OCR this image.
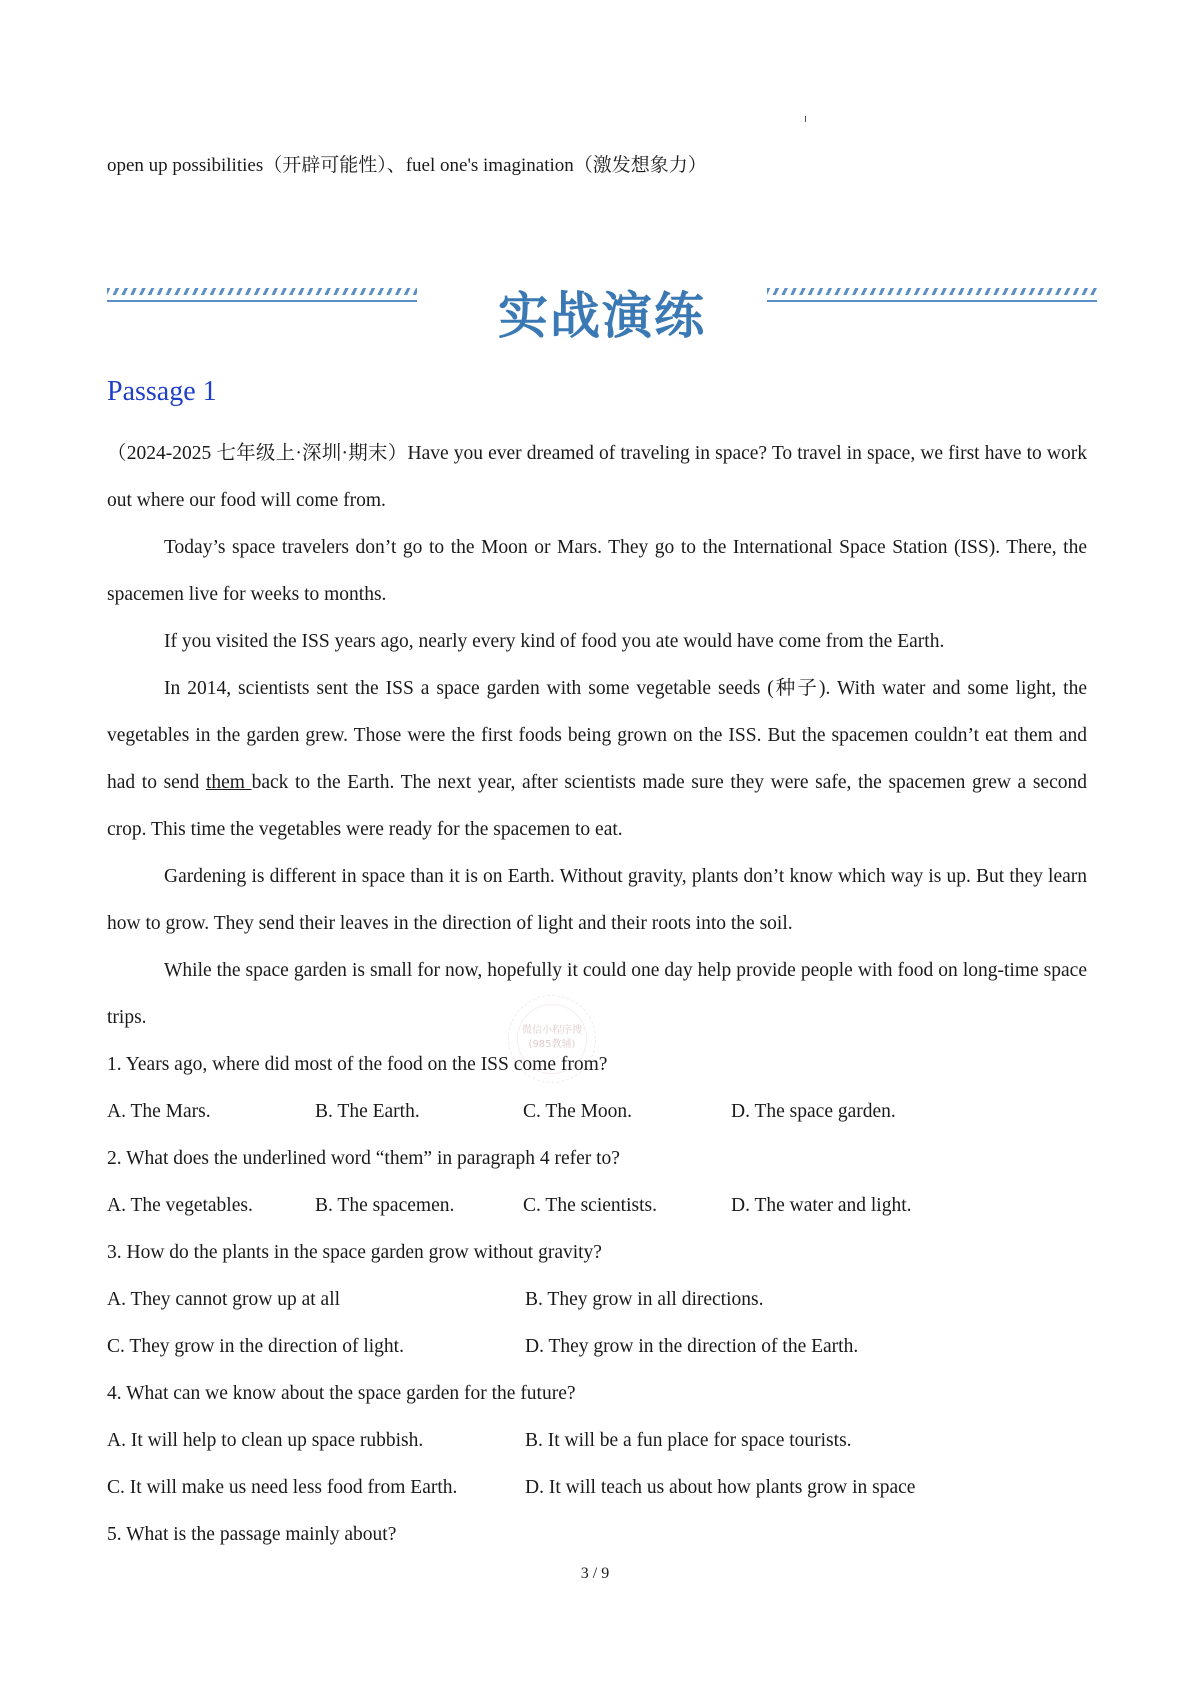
open up possibilities（开辟可能性）、fuel one's imagination（激发想象力）
实战演练
Passage 1

（2024-2025 七年级上·深圳·期末）Have you ever dreamed of traveling in space? To travel in space, we first have to work out where our food will come from.

Today’s space travelers don’t go to the Moon or Mars. They go to the International Space Station (ISS). There, the spacemen live for weeks to months.

If you visited the ISS years ago, nearly every kind of food you ate would have come from the Earth.

In 2014, scientists sent the ISS a space garden with some vegetable seeds (种子). With water and some light, the vegetables in the garden grew. Those were the first foods being grown on the ISS. But the spacemen couldn’t eat them and had to send them back to the Earth. The next year, after scientists made sure they were safe, the spacemen grew a second crop. This time the vegetables were ready for the spacemen to eat.

Gardening is different in space than it is on Earth. Without gravity, plants don’t know which way is up. But they learn how to grow. They send their leaves in the direction of light and their roots into the soil.

While the space garden is small for now, hopefully it could one day help provide people with food on long-time space trips.

1. Years ago, where did most of the food on the ISS come from?

A. The Mars.	B. The Earth.	C. The Moon.	D. The space garden.

2. What does the underlined word “them” in paragraph 4 refer to?

A. The vegetables.	B. The spacemen.	C. The scientists.	D. The water and light.

3. How do the plants in the space garden grow without gravity?

A. They cannot grow up at all	B. They grow in all directions.
C. They grow in the direction of light.	D. They grow in the direction of the Earth.

4. What can we know about the space garden for the future?

A. It will help to clean up space rubbish.	B. It will be a fun place for space tourists.
C. It will make us need less food from Earth.	D. It will teach us about how plants grow in space

5. What is the passage mainly about?

微信小程序搜
(985教辅)
3 / 9
